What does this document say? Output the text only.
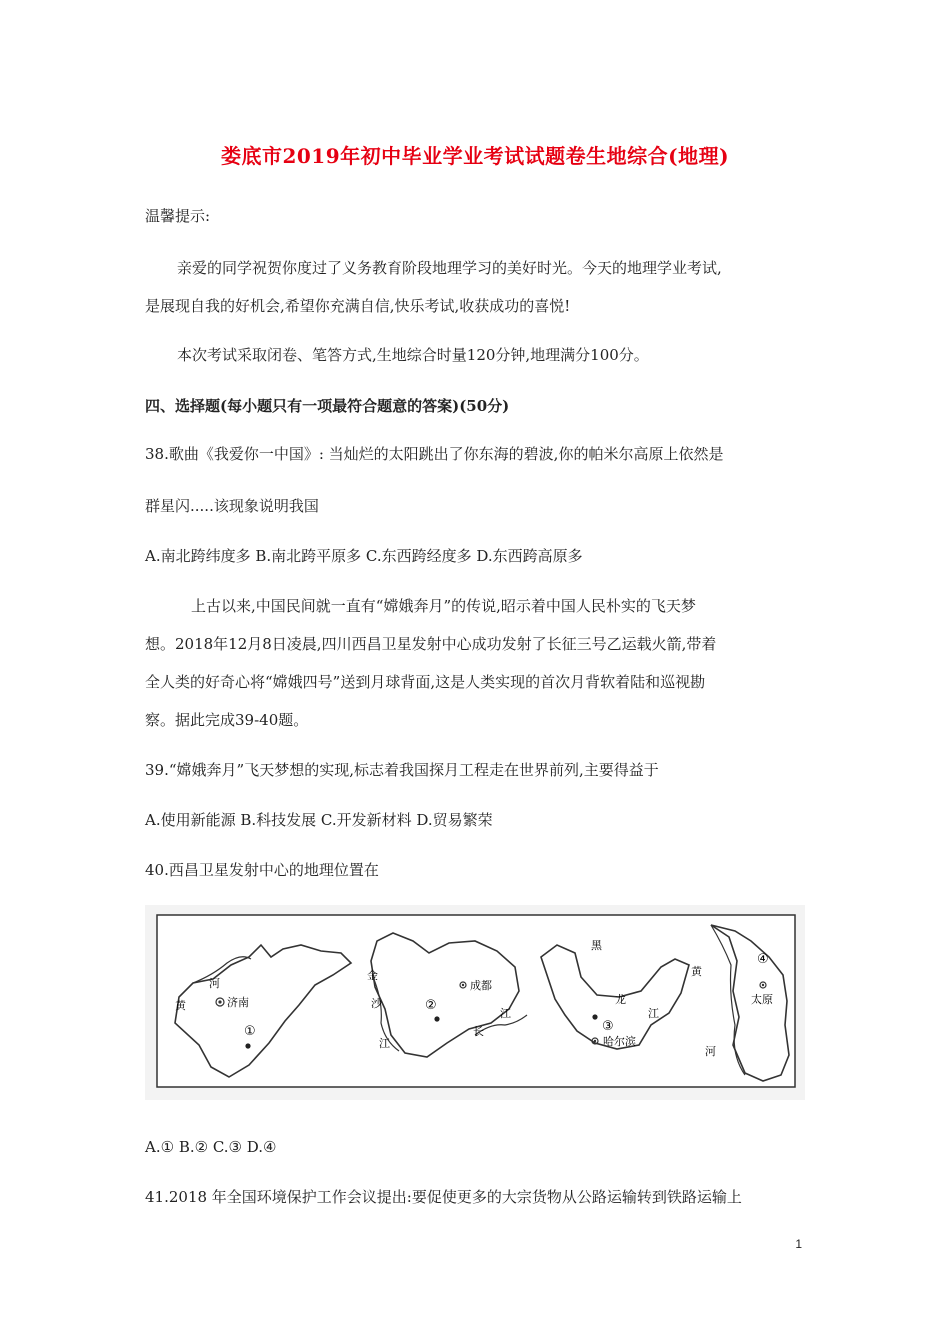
娄底市2019年初中毕业学业考试试题卷生地综合(地理)
温馨提示:
亲爱的同学祝贺你度过了义务教育阶段地理学习的美好时光。今天的地理学业考试,
是展现自我的好机会,希望你充满自信,快乐考试,收获成功的喜悦!
本次考试采取闭卷、笔答方式,生地综合时量120分钟,地理满分100分。
四、选择题(每小题只有一项最符合题意的答案)(50分)
38.歌曲《我爱你一中国》: 当灿烂的太阳跳出了你东海的碧波,你的帕米尔高原上依然是
群星闪.....该现象说明我国
A.南北跨纬度多 B.南北跨平原多 C.东西跨经度多 D.东西跨高原多
上古以来,中国民间就一直有“嫦娥奔月”的传说,昭示着中国人民朴实的飞天梦
想。2018年12月8日凌晨,四川西昌卫星发射中心成功发射了长征三号乙运载火箭,带着
全人类的好奇心将“嫦娥四号”送到月球背面,这是人类实现的首次月背软着陆和巡视勘
察。据此完成39-40题。
39.“嫦娥奔月”飞天梦想的实现,标志着我国探月工程走在世界前列,主要得益于
A.使用新能源 B.科技发展 C.开发新材料 D.贸易繁荣
40.西昌卫星发射中心的地理位置在
河
黄	济南
①
金
沙
江
成都
②
长
江
黑
龙
江
③
哈尔滨
黄
④
太原
河
A.① B.② C.③ D.④
41.2018 年全国环境保护工作会议提出:要促使更多的大宗货物从公路运输转到铁路运输上
1
